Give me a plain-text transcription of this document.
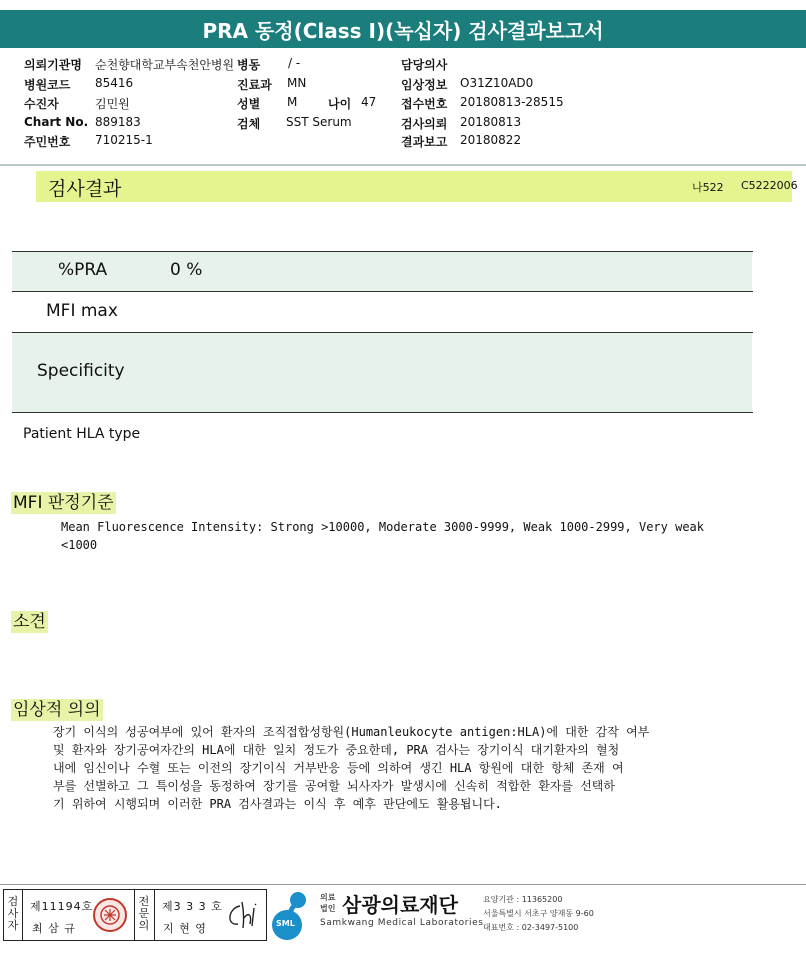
PRA 동정(Class I)(녹십자) 검사결과보고서
의뢰기관명 순천향대학교부속천안병원 병동 / -	담당의사
병원코드 85416	진료과 MN	임상정보 O31Z10AD0
수진자	김민원	성별 M	나이 47 접수번호 20180813-28515
Chart No. 889183	검체 SST Serum	검사의뢰 20180813
주민번호 710215-1	결과보고 20180822
검사결과	나522 C5222006
%PRA	0 %
MFI max
Specificity
Patient HLA type
MFI 판정기준
Mean Fluorescence Intensity: Strong >10000, Moderate 3000-9999, Weak 1000-2999, Very weak
<1000
소견
임상적 의의
장기 이식의 성공여부에 있어 환자의 조직접합성항원(Humanleukocyte antigen:HLA)에 대한 감작 여부
및 환자와 장기공여자간의 HLA에 대한 일치 정도가 중요한데, PRA 검사는 장기이식 대기환자의 혈청
내에 임신이나 수혈 또는 이전의 장기이식 거부반응 등에 의하여 생긴 HLA 항원에 대한 항체 존재 여
부를 선별하고 그 특이성을 동정하여 장기를 공여할 뇌사자가 발생시에 신속히 적합한 환자를 선택하
기 위하여 시행되며 이러한 PRA 검사결과는 이식 후 예후 판단에도 활용됩니다.
검
사
자
제11194호
최 삼 규
전
문
의
제3 3 3 호
지 현 영	SML
의료
법인 삼광의료재단
Samkwang Medical Laboratories
요양기관 : 11365200
서울특별시 서초구 양재동 9-60
대표번호 : 02-3497-5100
